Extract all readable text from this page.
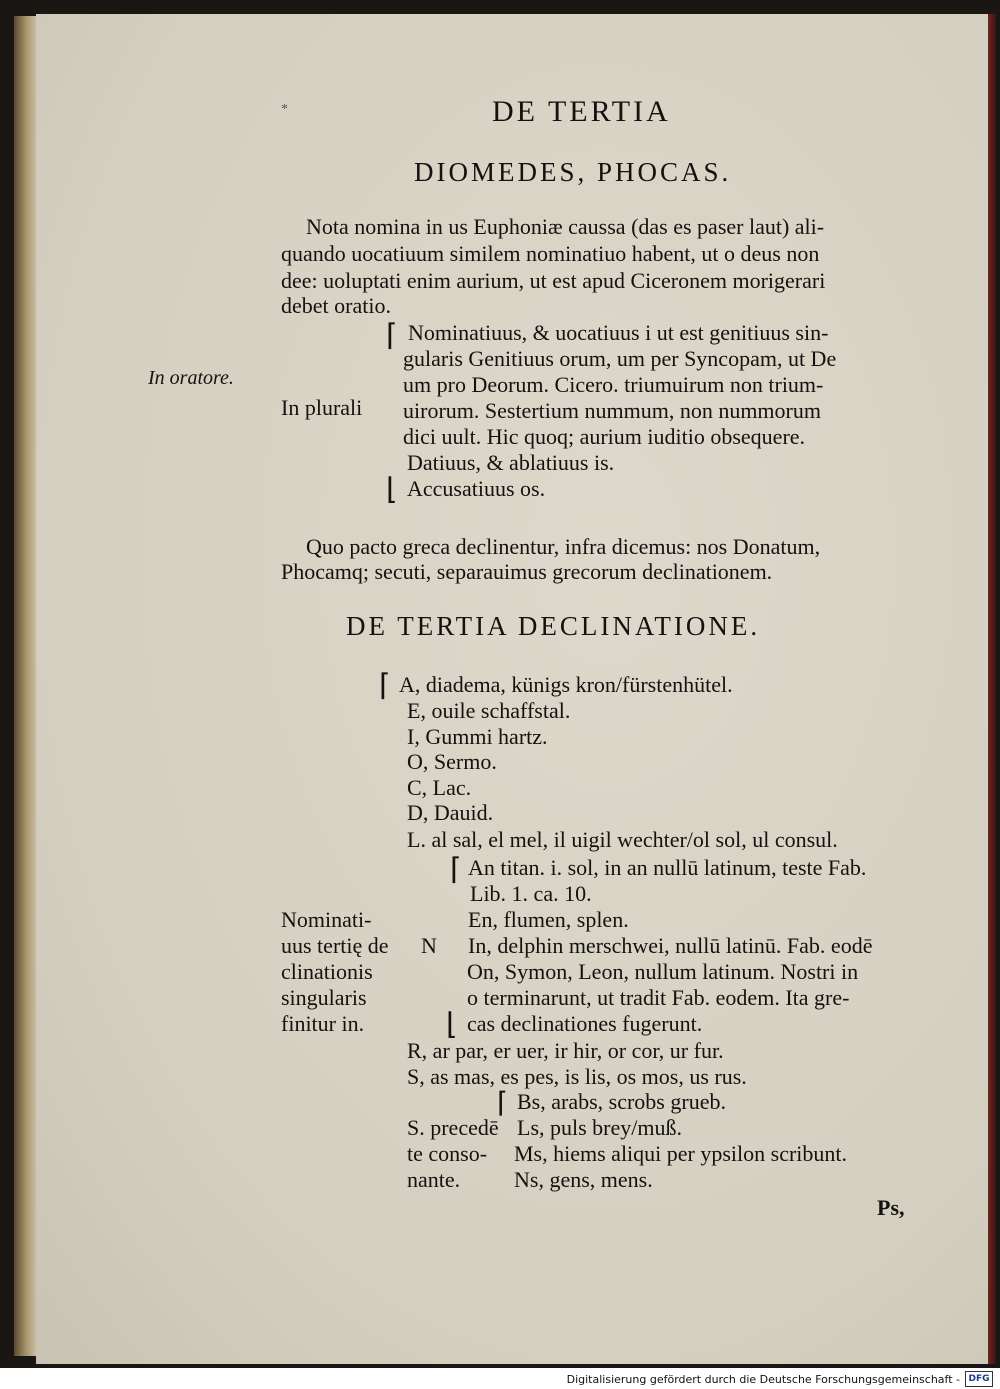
*	DE TERTIA
DIOMEDES, PHOCAS.
Nota nomina in us Euphoniæ caussa (das es paser laut) ali‐
quando uocatiuum similem nominatiuo habent, ut o deus non
dee: uoluptati enim aurium, ut est apud Ciceronem morigerari
debet oratio.
In oratore.
In plurali
⌈ Nominatiuus, & uocatiuus i ut est genitiuus sin‐
gularis Genitiuus orum, um per Syncopam, ut De
um pro Deorum. Cicero. triumuirum non trium‐
uirorum. Sestertium nummum, non nummorum
dici uult. Hic quoq; aurium iuditio obsequere.
Datiuus, & ablatiuus is.
⌊ Accusatiuus os.
Quo pacto greca declinentur, infra dicemus: nos Donatum,
Phocamq; secuti, separauimus grecorum declinationem.
DE TERTIA DECLINATIONE.
⌈ A, diadema, künigs kron/fürstenhütel.
E, ouile schaffstal.
I, Gummi hartz.
O, Sermo.
C, Lac.
D, Dauid.
L. al sal, el mel, il uigil wechter/ol sol, ul consul.
⌈ An titan. i. sol, in an nullū latinum, teste Fab.
Lib. 1. ca. 10.
En, flumen, splen.
Nominati‐
uus tertię de
clinationis
singularis
finitur in.
N In, delphin merschwei, nullū latinū. Fab. eodē
On, Symon, Leon, nullum latinum. Nostri in
o terminarunt, ut tradit Fab. eodem. Ita gre‐
⌊ cas declinationes fugerunt.
R, ar par, er uer, ir hir, or cor, ur fur.
S, as mas, es pes, is lis, os mos, us rus.
⌈ Bs, arabs, scrobs grueb.
S. precedē Ls, puls brey/muß.
te conso‐ Ms, hiems aliqui per ypsilon scribunt.
nante. Ns, gens, mens.
Ps,
Digitalisierung gefördert durch die Deutsche Forschungsgemeinschaft - DFG
